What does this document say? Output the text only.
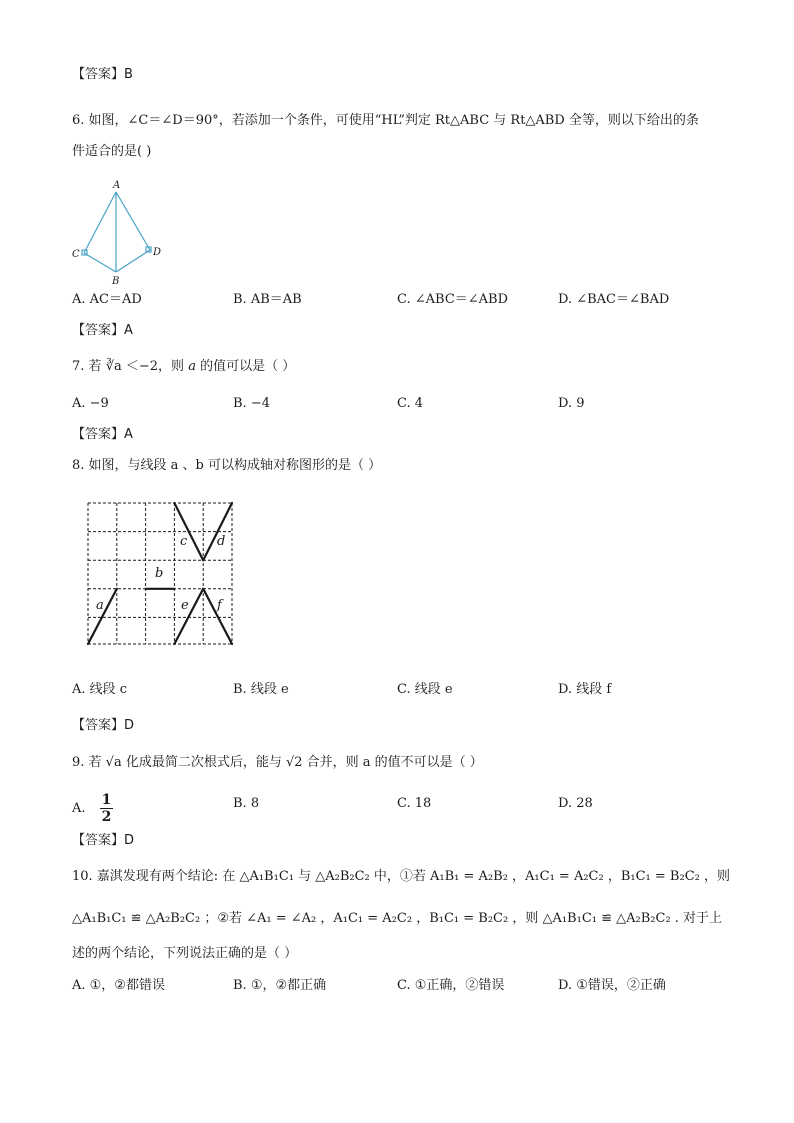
【答案】B
6. 如图，∠C＝∠D＝90°，若添加一个条件，可使用“HL”判定 Rt△ABC 与 Rt△ABD 全等，则以下给出的条
件适合的是( )
A
C	D
B
A. AC＝AD	B. AB＝AB	C. ∠ABC＝∠ABD	D. ∠BAC＝∠BAD
【答案】A
7. 若 ∛a ＜−2，则 a 的值可以是（ ）
A. −9	B. −4	C. 4	D. 9
【答案】A
8. 如图，与线段 a 、b 可以构成轴对称图形的是（ ）
a
b
c d
e f
A. 线段 c	B. 线段 e	C. 线段 e	D. 线段 f
【答案】D
9. 若 √a 化成最简二次根式后，能与 √2 合并，则 a 的值不可以是（ ）
A. $\frac{1}{2}$	B. 8	C. 18	D. 28
【答案】D
10. 嘉淇发现有两个结论: 在 △A₁B₁C₁ 与 △A₂B₂C₂ 中，①若 A₁B₁ = A₂B₂ ，A₁C₁ = A₂C₂ ，B₁C₁ = B₂C₂ ，则
△A₁B₁C₁ ≌ △A₂B₂C₂ ；②若 ∠A₁ = ∠A₂ ，A₁C₁ = A₂C₂ ，B₁C₁ = B₂C₂ ，则 △A₁B₁C₁ ≌ △A₂B₂C₂ . 对于上
述的两个结论，下列说法正确的是（ ）
A. ①，②都错误	B. ①，②都正确	C. ①正确，②错误	D. ①错误，②正确
